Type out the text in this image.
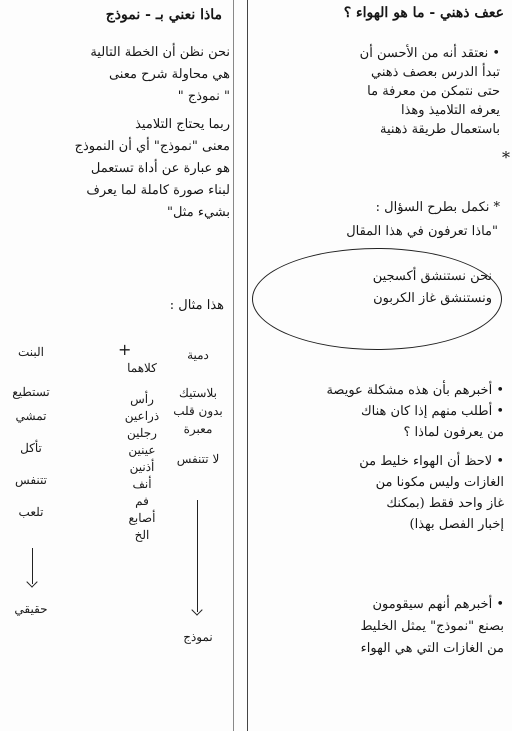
ععف ذهني - ما هو الهواء ؟
• نعتقد أنه من الأحسن أن
تبدأ الدرس بعصف ذهني
حتى نتمكن من معرفة ما
يعرفه التلاميذ وهذا
باستعمال طريقة ذهنية
*
* نكمل بطرح السؤال :
"ماذا تعرفون في هذا المقال
نحن نستنشق أكسجين
ونستنشق غاز الكربون
• أخبرهم بأن هذه مشكلة عويصة
• أطلب منهم إذا كان هناك
من يعرفون لماذا ؟
• لاحظ أن الهواء خليط من
الغازات وليس مكونا من
غاز واحد فقط (بمكنك
إخبار الفصل بهذا)
• أخبرهم أنهم سيقومون
بصنع "نموذج" يمثل الخليط
من الغازات التي هي الهواء
ماذا نعني بـ - نموذج
نحن نظن أن الخطة التالية
هي محاولة شرح معنى
" نموذج "
ربما يحتاج التلاميذ
معنى "نموذج" أي أن النموذج
هو عبارة عن أداة تستعمل
لبناء صورة كاملة لما يعرف
بشيء مثل"
هذا مثال :
+	دمية
بلاستيك
بدون قلب
معبرة
لا تتنفس
نموذج
كلاهما
رأس
ذراعين
رجلين
عينين
أذنين
أنف
فم
أصابع
الخ
البنت
تستطيع
تمشي
تأكل
تتنفس
تلعب
حقيقي
